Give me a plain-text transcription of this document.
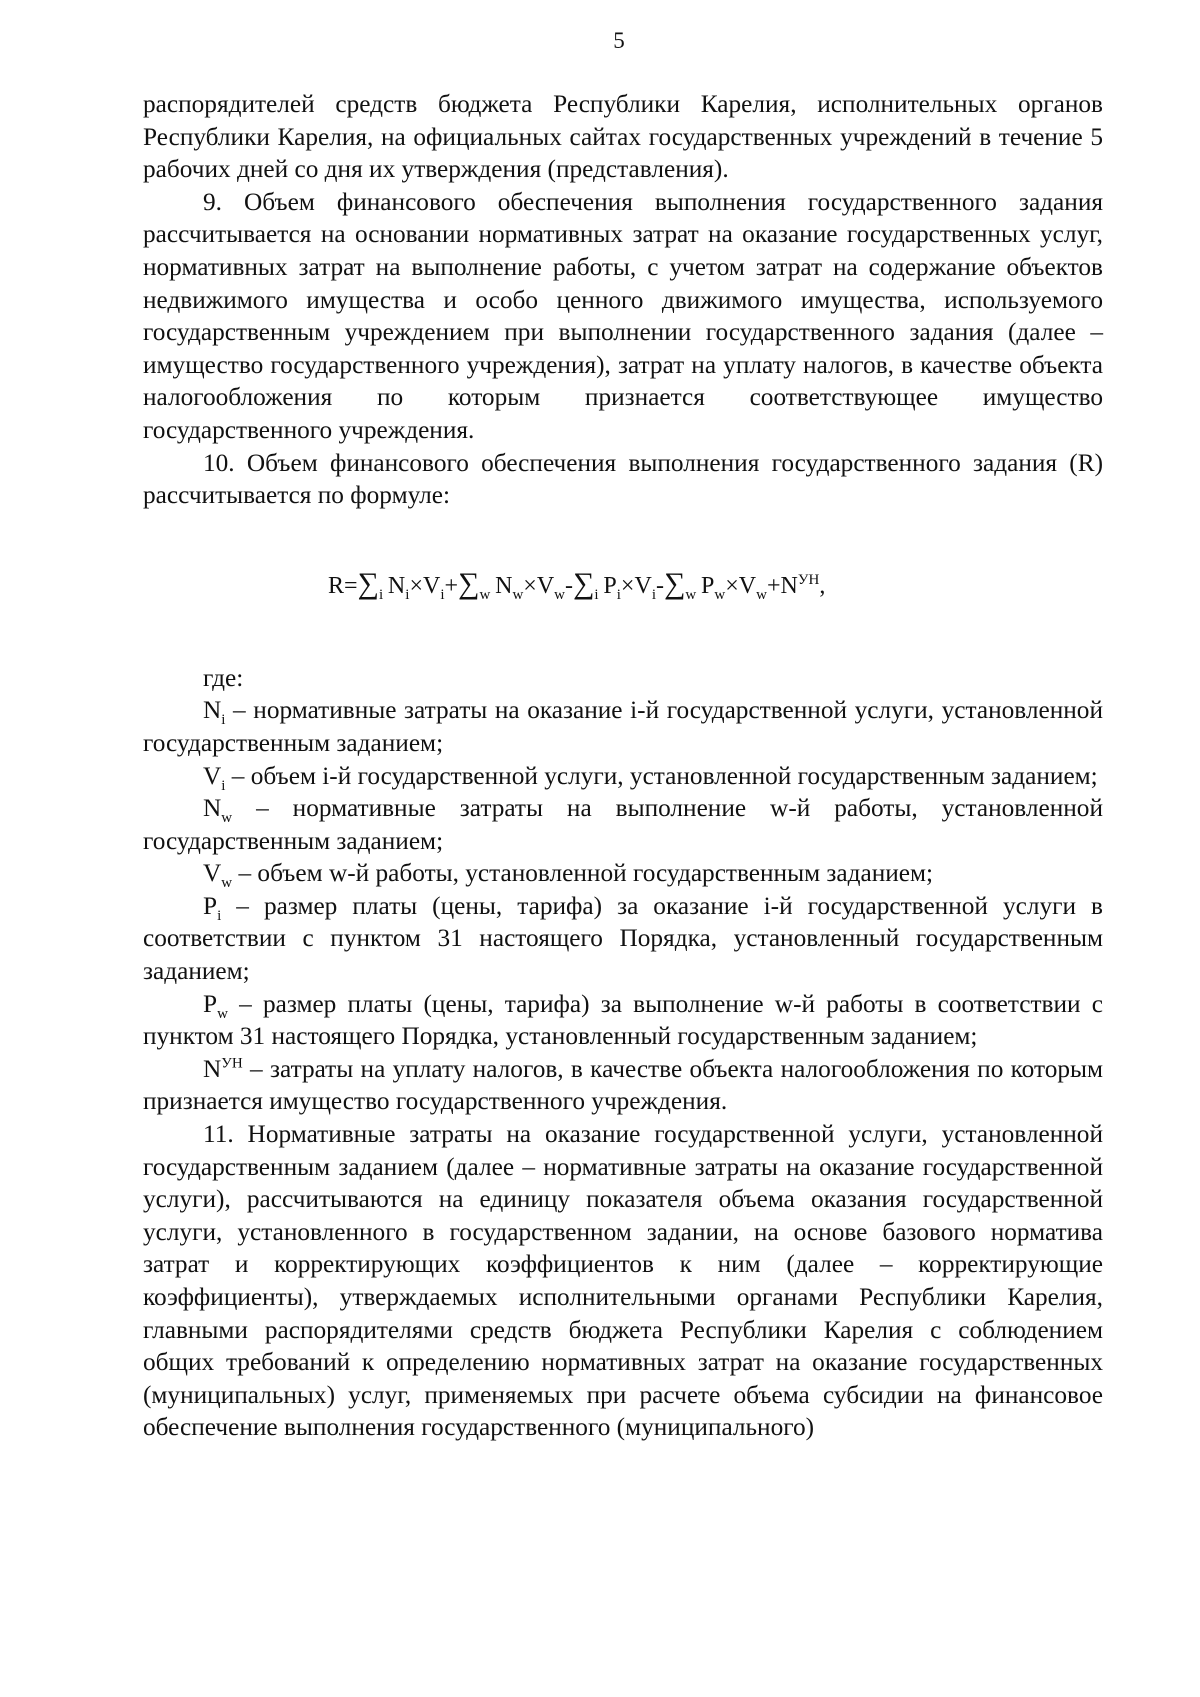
5

распорядителей средств бюджета Республики Карелия, исполнительных органов Республики Карелия, на официальных сайтах государственных учреждений в течение 5 рабочих дней со дня их утверждения (представления).

9. Объем финансового обеспечения выполнения государственного задания рассчитывается на основании нормативных затрат на оказание государственных услуг, нормативных затрат на выполнение работы, с учетом затрат на содержание объектов недвижимого имущества и особо ценного движимого имущества, используемого государственным учреждением при выполнении государственного задания (далее – имущество государственного учреждения), затрат на уплату налогов, в качестве объекта налогообложения по которым признается соответствующее имущество государственного учреждения.

10. Объем финансового обеспечения выполнения государственного задания (R) рассчитывается по формуле:

$R=\sum_i$  $N_i\times V_i+\sum_w$  $N_w\times V_w-\sum_i$  $P_i\times V_i-\sum_w$  $P_w\times V_w+N^{УН}$,

где:

$N_i$ – нормативные затраты на оказание i-й государственной услуги, установленной государственным заданием;

$V_i$ – объем i-й государственной услуги, установленной государственным заданием;

$N_w$ – нормативные затраты на выполнение w-й работы, установленной государственным заданием;

$V_w$ – объем w-й работы, установленной государственным заданием;

$P_i$ – размер платы (цены, тарифа) за оказание i-й государственной услуги в соответствии с пунктом 31 настоящего Порядка, установленный государственным заданием;

$P_w$ – размер платы (цены, тарифа) за выполнение w-й работы в соответствии с пунктом 31 настоящего Порядка, установленный государственным заданием;

$N^{УН}$ – затраты на уплату налогов, в качестве объекта налогообложения по которым признается имущество государственного учреждения.

11. Нормативные затраты на оказание государственной услуги, установленной государственным заданием (далее – нормативные затраты на оказание государственной услуги), рассчитываются на единицу показателя объема оказания государственной услуги, установленного в государственном задании, на основе базового норматива затрат и корректирующих коэффициентов к ним (далее – корректирующие коэффициенты), утверждаемых исполнительными органами Республики Карелия, главными распорядителями средств бюджета Республики Карелия с соблюдением общих требований к определению нормативных затрат на оказание государственных (муниципальных) услуг, применяемых при расчете объема субсидии на финансовое обеспечение выполнения государственного (муниципального)
